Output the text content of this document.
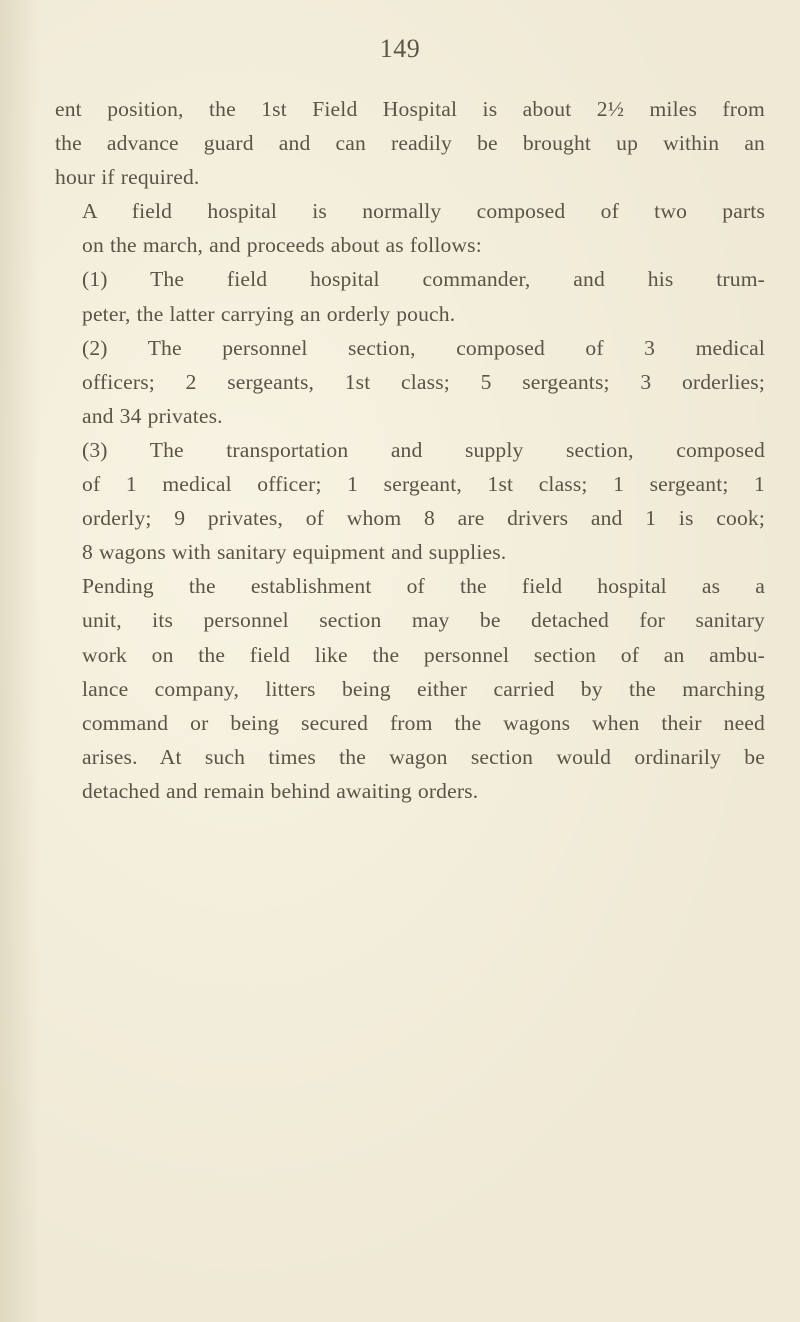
149

ent position, the 1st Field Hospital is about 2½ miles from
the advance guard and can readily be brought up within an
hour if required.

A field hospital is normally composed of two parts
on the march, and proceeds about as follows:

(1) The field hospital commander, and his trum-
peter, the latter carrying an orderly pouch.

(2) The personnel section, composed of 3 medical
officers; 2 sergeants, 1st class; 5 sergeants; 3 orderlies;
and 34 privates.

(3) The transportation and supply section, composed
of 1 medical officer; 1 sergeant, 1st class; 1 sergeant; 1
orderly; 9 privates, of whom 8 are drivers and 1 is cook;
8 wagons with sanitary equipment and supplies.

Pending the establishment of the field hospital as a
unit, its personnel section may be detached for sanitary
work on the field like the personnel section of an ambu-
lance company, litters being either carried by the marching
command or being secured from the wagons when their need
arises. At such times the wagon section would ordinarily be
detached and remain behind awaiting orders.
